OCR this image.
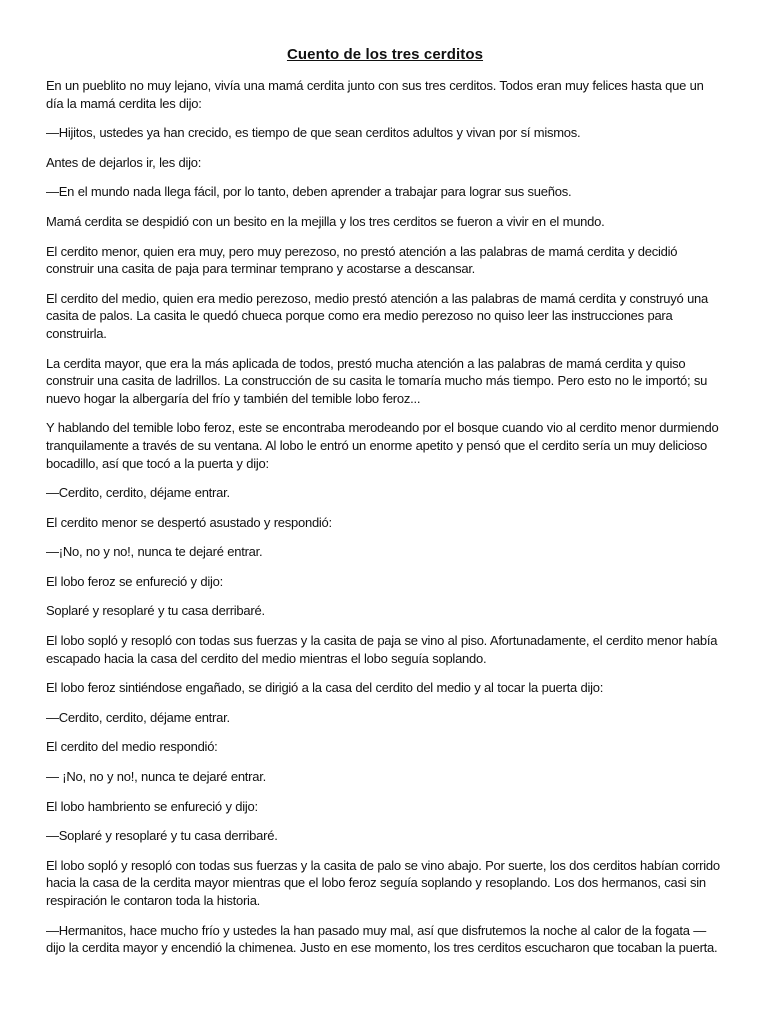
Cuento de los tres cerditos

En un pueblito no muy lejano, vivía una mamá cerdita junto con sus tres cerditos. Todos eran muy felices hasta que un día la mamá cerdita les dijo:

—Hijitos, ustedes ya han crecido, es tiempo de que sean cerditos adultos y vivan por sí mismos.

Antes de dejarlos ir, les dijo:

—En el mundo nada llega fácil, por lo tanto, deben aprender a trabajar para lograr sus sueños.

Mamá cerdita se despidió con un besito en la mejilla y los tres cerditos se fueron a vivir en el mundo.

El cerdito menor, quien era muy, pero muy perezoso, no prestó atención a las palabras de mamá cerdita y decidió construir una casita de paja para terminar temprano y acostarse a descansar.

El cerdito del medio, quien era medio perezoso, medio prestó atención a las palabras de mamá cerdita y construyó una casita de palos. La casita le quedó chueca porque como era medio perezoso no quiso leer las instrucciones para construirla.

La cerdita mayor, que era la más aplicada de todos, prestó mucha atención a las palabras de mamá cerdita y quiso construir una casita de ladrillos. La construcción de su casita le tomaría mucho más tiempo. Pero esto no le importó; su nuevo hogar la albergaría del frío y también del temible lobo feroz...

Y hablando del temible lobo feroz, este se encontraba merodeando por el bosque cuando vio al cerdito menor durmiendo tranquilamente a través de su ventana. Al lobo le entró un enorme apetito y pensó que el cerdito sería un muy delicioso bocadillo, así que tocó a la puerta y dijo:

—Cerdito, cerdito, déjame entrar.

El cerdito menor se despertó asustado y respondió:

—¡No, no y no!, nunca te dejaré entrar.

El lobo feroz se enfureció y dijo:

Soplaré y resoplaré y tu casa derribaré.

El lobo sopló y resopló con todas sus fuerzas y la casita de paja se vino al piso. Afortunadamente, el cerdito menor había escapado hacia la casa del cerdito del medio mientras el lobo seguía soplando.

El lobo feroz sintiéndose engañado, se dirigió a la casa del cerdito del medio y al tocar la puerta dijo:

—Cerdito, cerdito, déjame entrar.

El cerdito del medio respondió:

— ¡No, no y no!, nunca te dejaré entrar.

El lobo hambriento se enfureció y dijo:

—Soplaré y resoplaré y tu casa derribaré.

El lobo sopló y resopló con todas sus fuerzas y la casita de palo se vino abajo. Por suerte, los dos cerditos habían corrido hacia la casa de la cerdita mayor mientras que el lobo feroz seguía soplando y resoplando. Los dos hermanos, casi sin respiración le contaron toda la historia.

—Hermanitos, hace mucho frío y ustedes la han pasado muy mal, así que disfrutemos la noche al calor de la fogata — dijo la cerdita mayor y encendió la chimenea. Justo en ese momento, los tres cerditos escucharon que tocaban la puerta.
